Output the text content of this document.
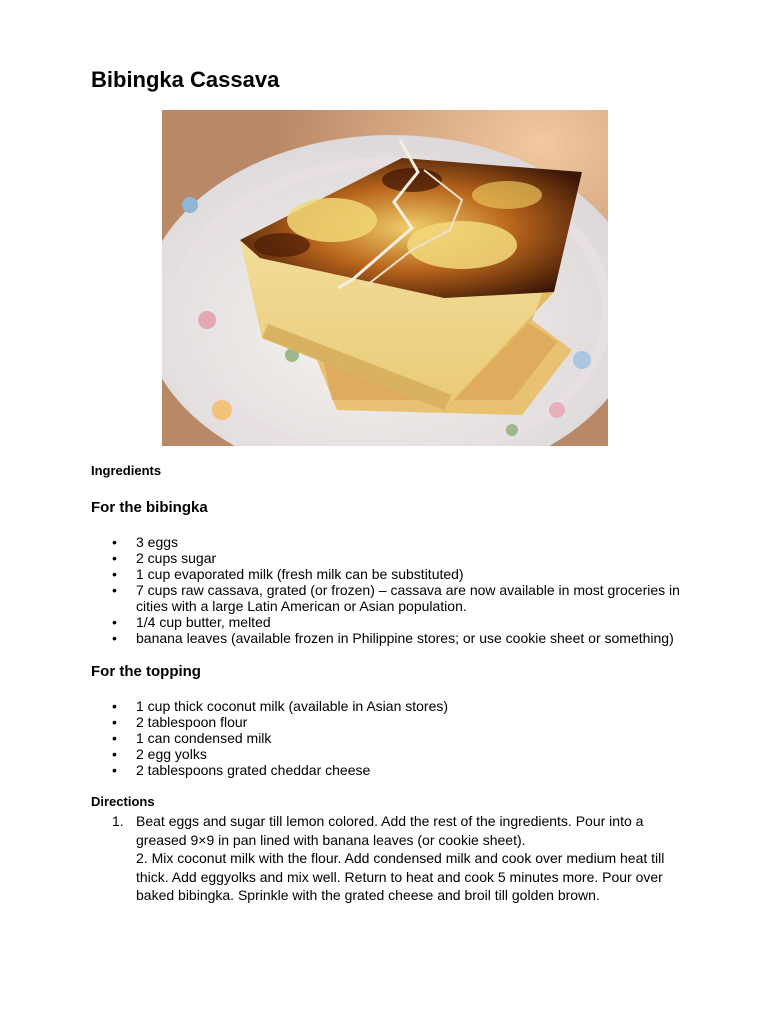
Bibingka Cassava
Ingredients
For the bibingka
• 3 eggs
• 2 cups sugar
• 1 cup evaporated milk (fresh milk can be substituted)
• 7 cups raw cassava, grated (or frozen) – cassava are now available in most groceries in cities with a large Latin American or Asian population.
• 1/4 cup butter, melted
• banana leaves (available frozen in Philippine stores; or use cookie sheet or something)
For the topping
• 1 cup thick coconut milk (available in Asian stores)
• 2 tablespoon flour
• 1 can condensed milk
• 2 egg yolks
• 2 tablespoons grated cheddar cheese
Directions
1. Beat eggs and sugar till lemon colored. Add the rest of the ingredients. Pour into a greased 9×9 in pan lined with banana leaves (or cookie sheet).
2. Mix coconut milk with the flour. Add condensed milk and cook over medium heat till thick. Add eggyolks and mix well. Return to heat and cook 5 minutes more. Pour over baked bibingka. Sprinkle with the grated cheese and broil till golden brown.
